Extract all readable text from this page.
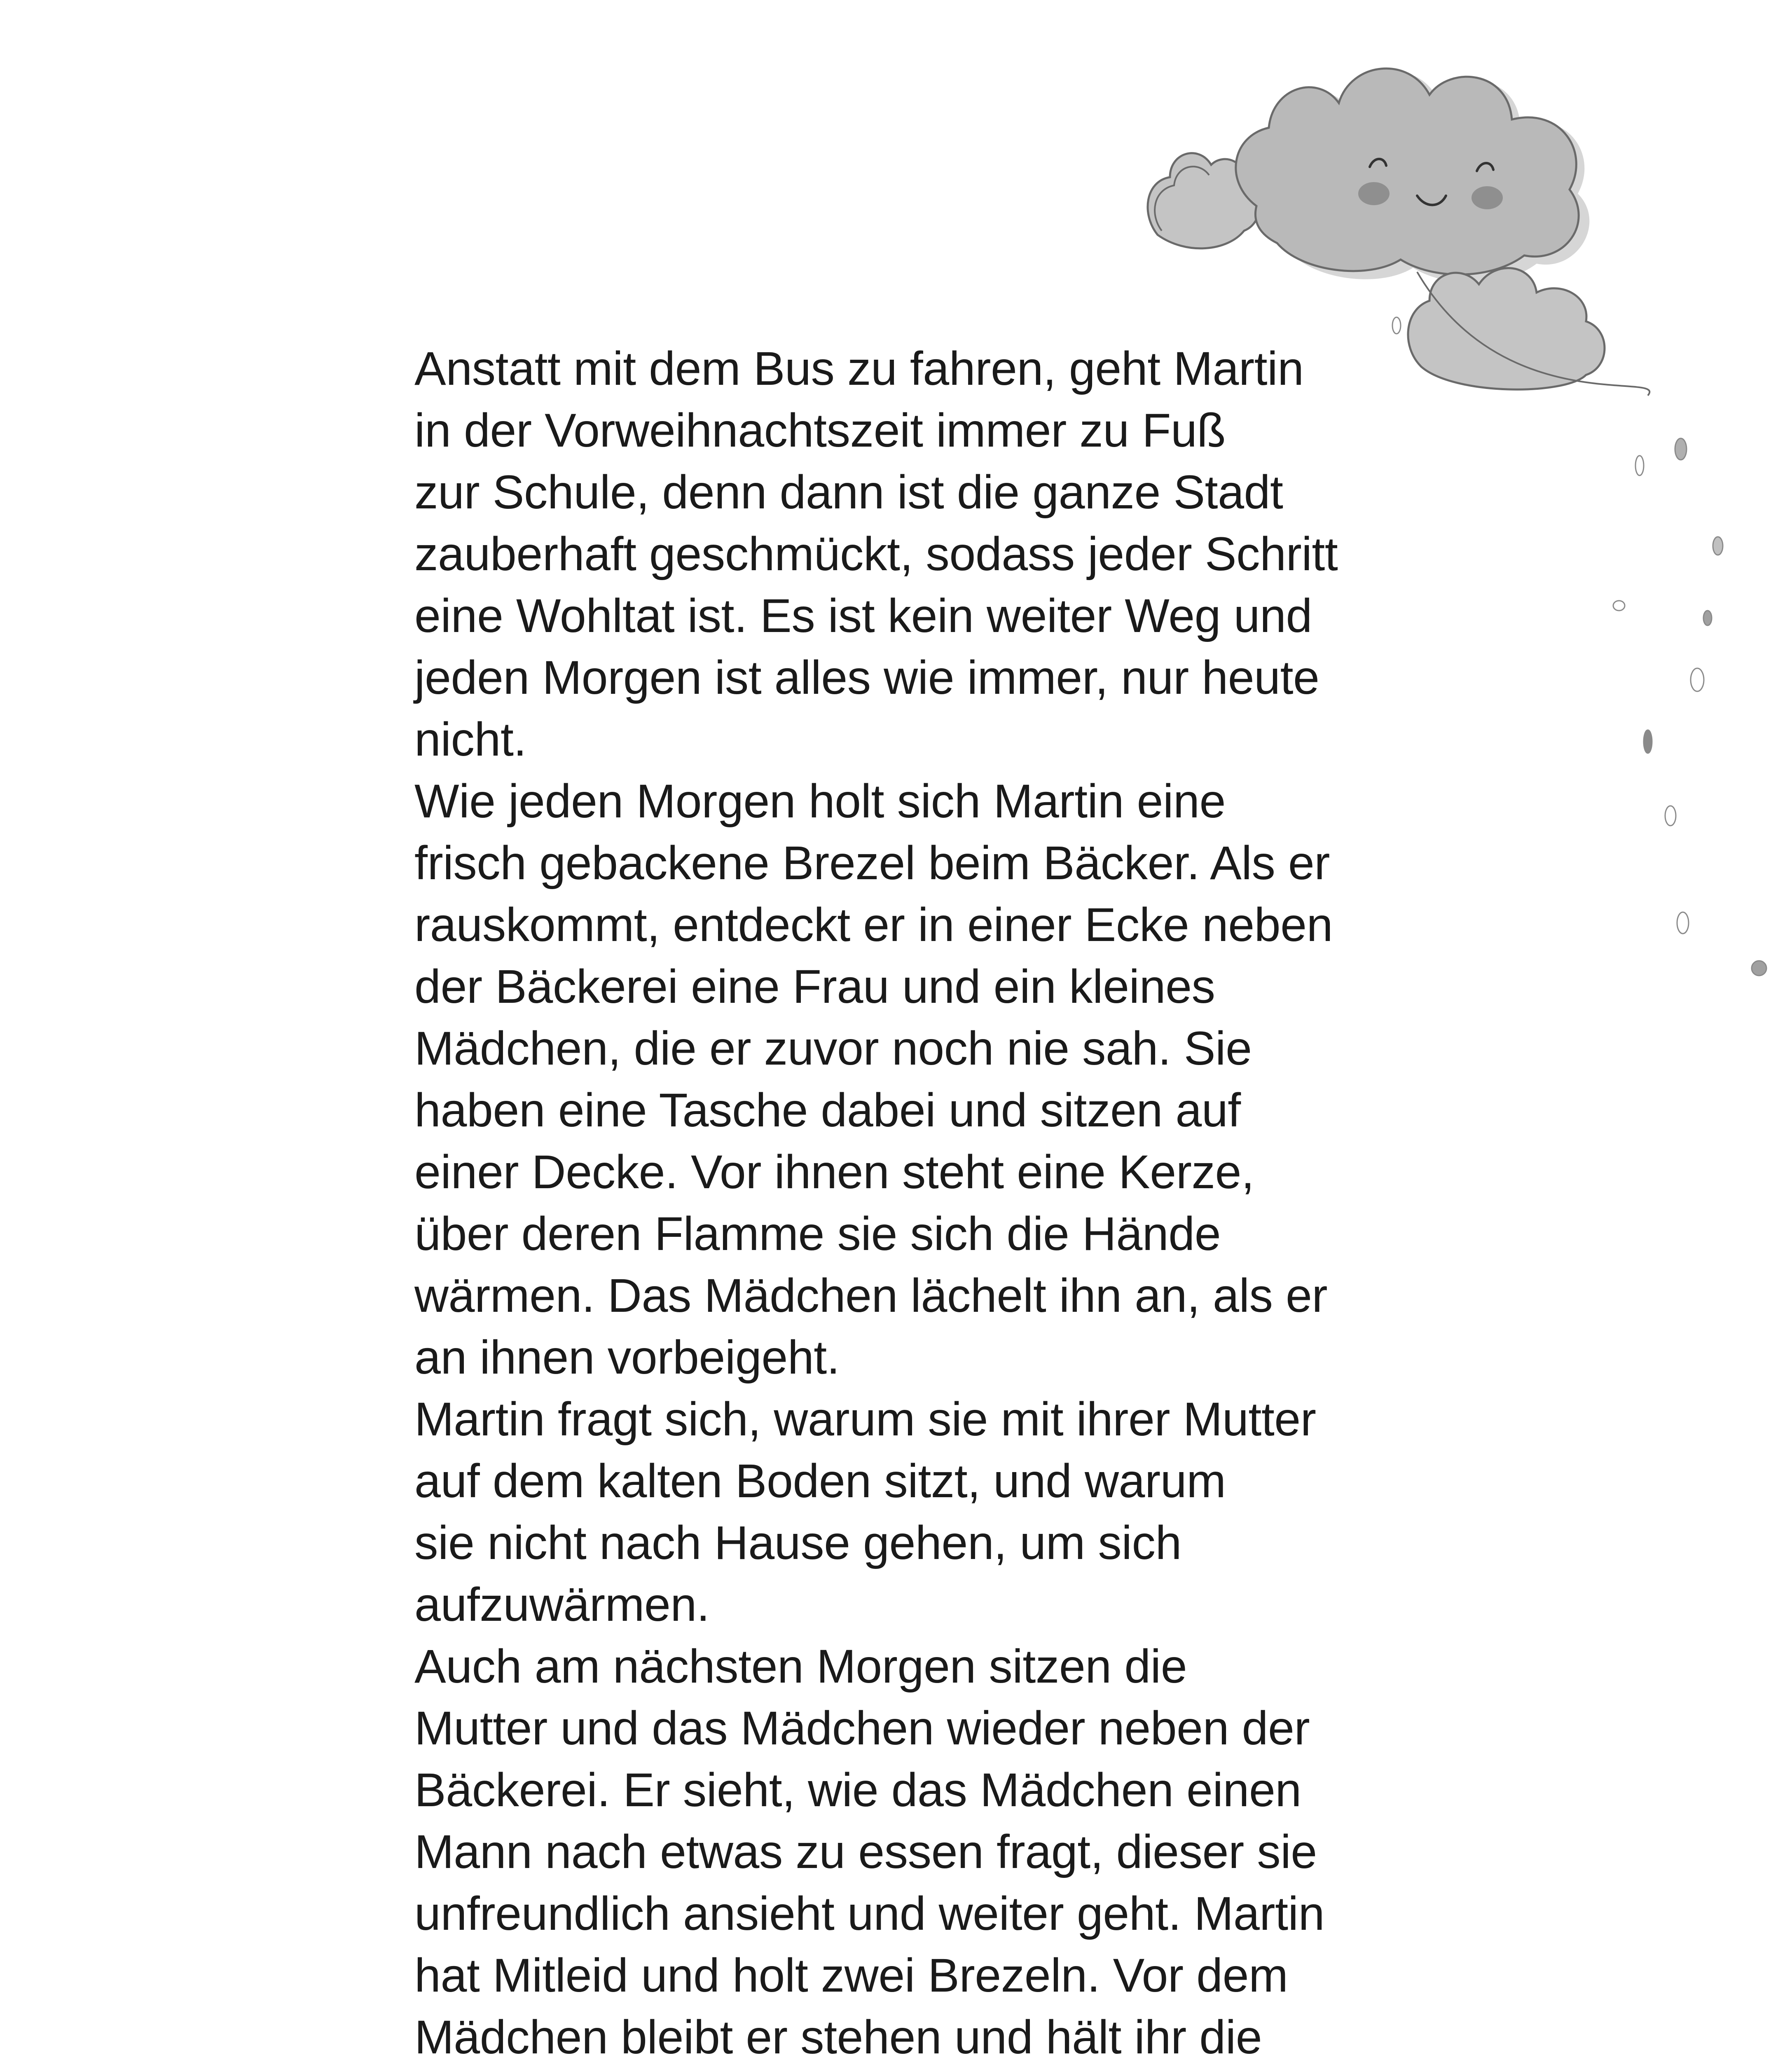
Anstatt mit dem Bus zu fahren, geht Martin
in der Vorweihnachtszeit immer zu Fuß
zur Schule, denn dann ist die ganze Stadt
zauberhaft geschmückt, sodass jeder Schritt
eine Wohltat ist. Es ist kein weiter Weg und
jeden Morgen ist alles wie immer, nur heute
nicht.
Wie jeden Morgen holt sich Martin eine
frisch gebackene Brezel beim Bäcker. Als er
rauskommt, entdeckt er in einer Ecke neben
der Bäckerei eine Frau und ein kleines
Mädchen, die er zuvor noch nie sah. Sie
haben eine Tasche dabei und sitzen auf
einer Decke. Vor ihnen steht eine Kerze,
über deren Flamme sie sich die Hände
wärmen. Das Mädchen lächelt ihn an, als er
an ihnen vorbeigeht.
Martin fragt sich, warum sie mit ihrer Mutter
auf dem kalten Boden sitzt, und warum
sie nicht nach Hause gehen, um sich
aufzuwärmen.
Auch am nächsten Morgen sitzen die
Mutter und das Mädchen wieder neben der
Bäckerei. Er sieht, wie das Mädchen einen
Mann nach etwas zu essen fragt, dieser sie
unfreundlich ansieht und weiter geht. Martin
hat Mitleid und holt zwei Brezeln. Vor dem
Mädchen bleibt er stehen und hält ihr die
